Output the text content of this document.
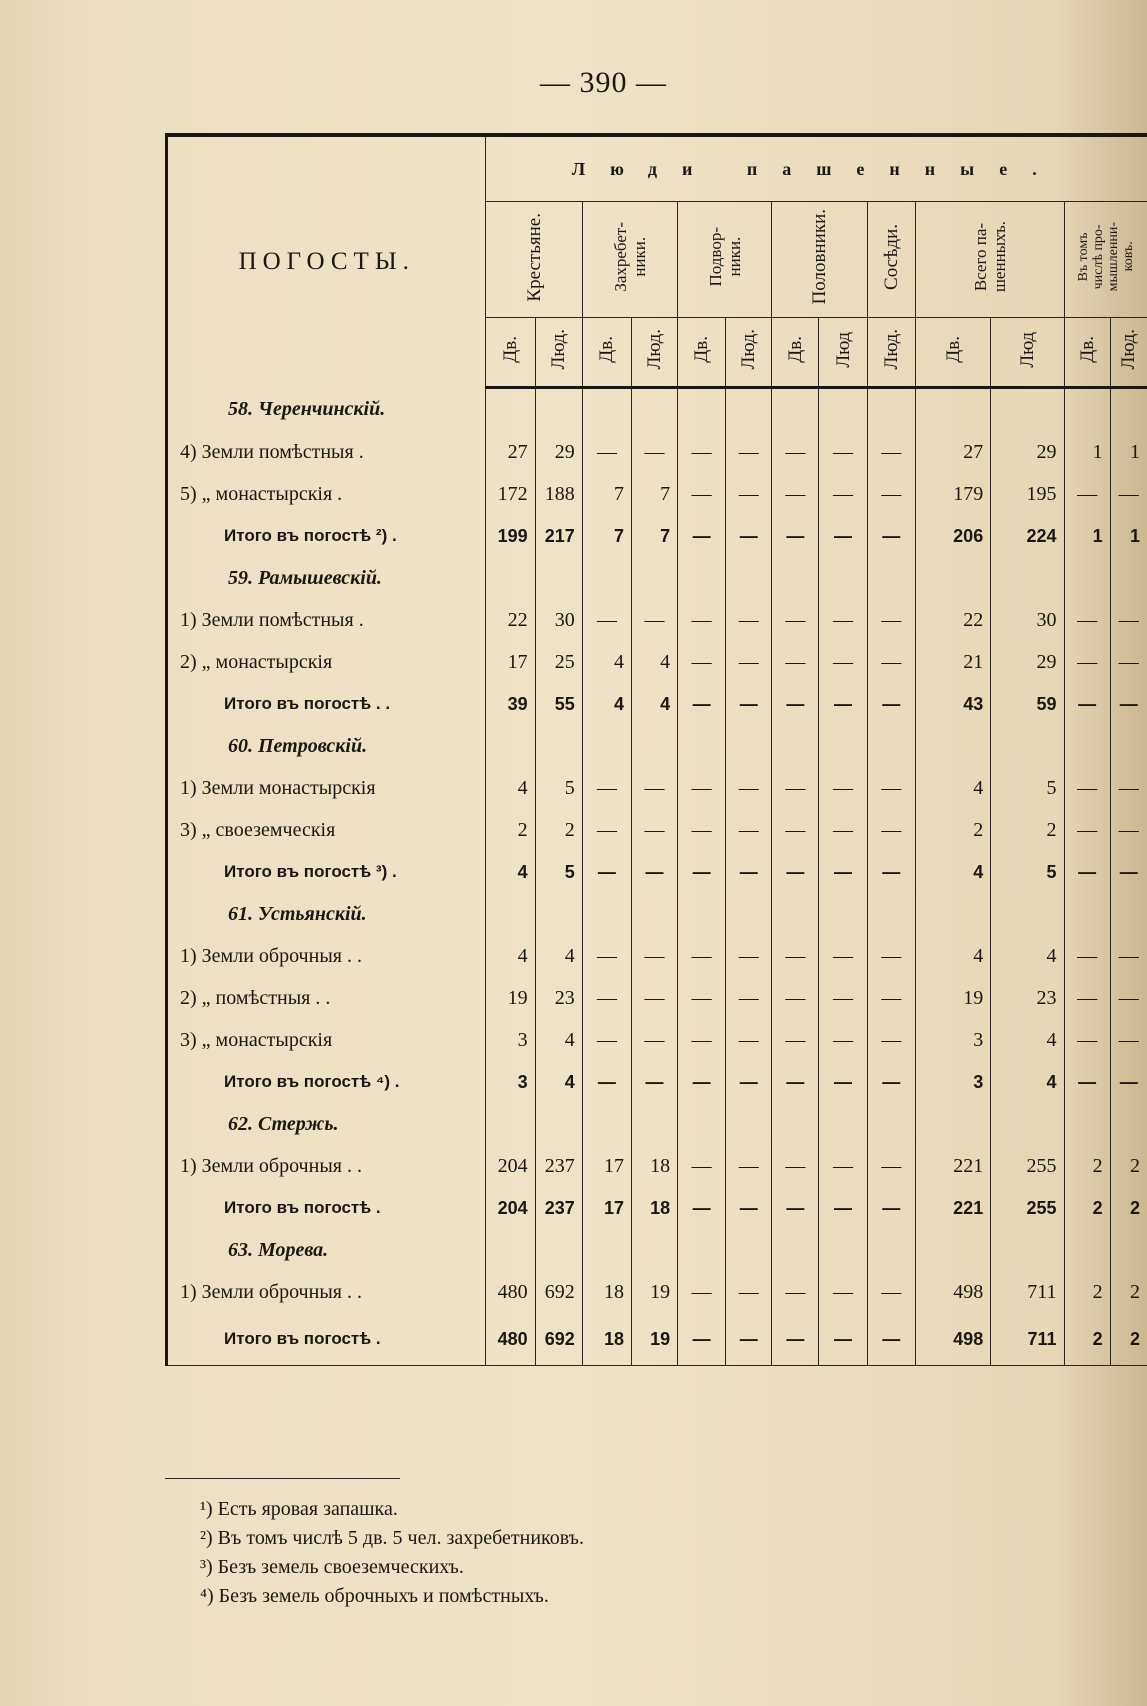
— 390 —
ПОГОСТЫ.	Люди пашенные.												
	Крестьяне.		Захребет-
ники.		Подвор-
ники.		Половники.		Сосѣди.	Всего па-
шенныхъ.		Въ томъ
числѣ про-
мышленни-
ковъ.	
	Дв.	Люд.	Дв.	Люд.	Дв.	Люд.	Дв.	Люд	Люд.	Дв.	Люд	Дв.	Люд.
58. Черенчинскій.													
4) Земли помѣстныя .	27	29	—	—	—	—	—	—	—	27	29	1	1
5) „ монастырскія .	172	188	7	7	—	—	—	—	—	179	195	—	—
Итого въ погостѣ ²) .	199	217	7	7	—	—	—	—	—	206	224	1	1
59. Рамышевскій.													
1) Земли помѣстныя .	22	30	—	—	—	—	—	—	—	22	30	—	—
2) „ монастырскія	17	25	4	4	—	—	—	—	—	21	29	—	—
Итого въ погостѣ . .	39	55	4	4	—	—	—	—	—	43	59	—	—
60. Петровскій.													
1) Земли монастырскія	4	5	—	—	—	—	—	—	—	4	5	—	—
3) „ своеземческія	2	2	—	—	—	—	—	—	—	2	2	—	—
Итого въ погостѣ ³) .	4	5	—	—	—	—	—	—	—	4	5	—	—
61. Устьянскій.													
1) Земли оброчныя . .	4	4	—	—	—	—	—	—	—	4	4	—	—
2) „ помѣстныя . .	19	23	—	—	—	—	—	—	—	19	23	—	—
3) „ монастырскія	3	4	—	—	—	—	—	—	—	3	4	—	—
Итого въ погостѣ ⁴) .	3	4	—	—	—	—	—	—	—	3	4	—	—
62. Стержь.													
1) Земли оброчныя . .	204	237	17	18	—	—	—	—	—	221	255	2	2
Итого въ погостѣ .	204	237	17	18	—	—	—	—	—	221	255	2	2
63. Морева.													
1) Земли оброчныя . .	480	692	18	19	—	—	—	—	—	498	711	2	2
Итого въ погостѣ .	480	692	18	19	—	—	—	—	—	498	711	2	2
¹) Есть яровая запашка.
²) Въ томъ числѣ 5 дв. 5 чел. захребетниковъ.
³) Безъ земель своеземческихъ.
⁴) Безъ земель оброчныхъ и помѣстныхъ.
